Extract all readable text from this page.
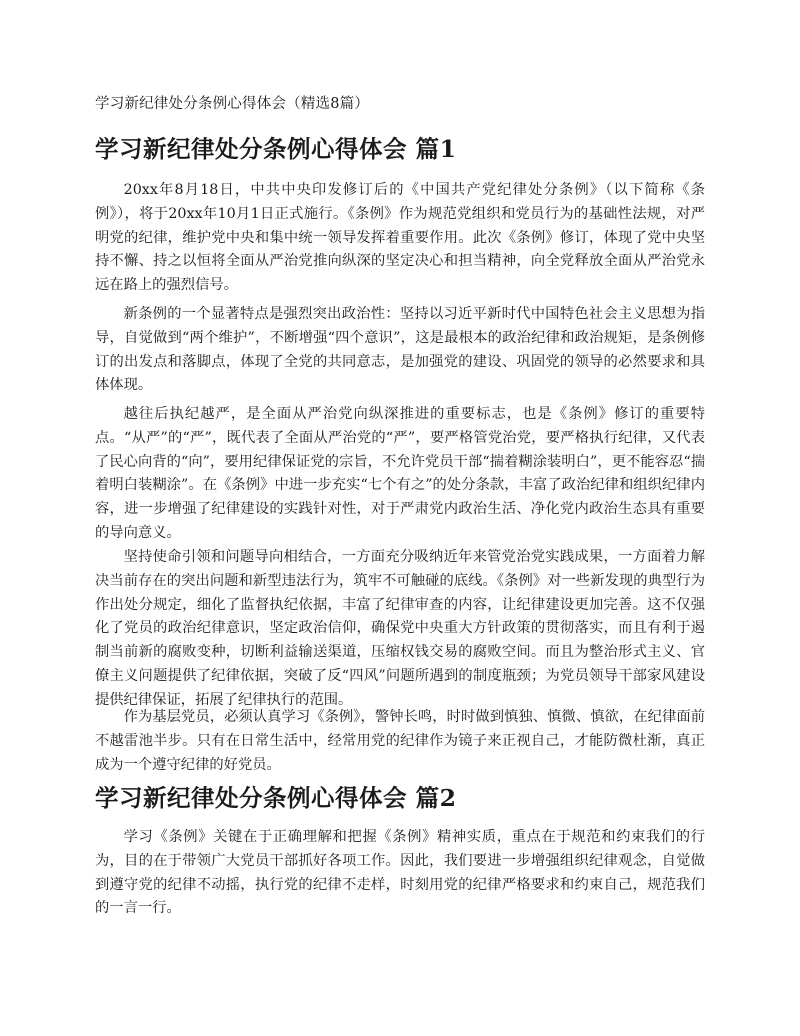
学习新纪律处分条例心得体会（精选8篇）
学习新纪律处分条例心得体会 篇1

20xx年8月18日，中共中央印发修订后的《中国共产党纪律处分条例》（以下简称《条例》），将于20xx年10月1日正式施行。《条例》作为规范党组织和党员行为的基础性法规，对严明党的纪律，维护党中央和集中统一领导发挥着重要作用。此次《条例》修订，体现了党中央坚持不懈、持之以恒将全面从严治党推向纵深的坚定决心和担当精神，向全党释放全面从严治党永远在路上的强烈信号。

新条例的一个显著特点是强烈突出政治性：坚持以习近平新时代中国特色社会主义思想为指导，自觉做到“两个维护”，不断增强“四个意识”，这是最根本的政治纪律和政治规矩，是条例修订的出发点和落脚点，体现了全党的共同意志，是加强党的建设、巩固党的领导的必然要求和具体体现。

越往后执纪越严，是全面从严治党向纵深推进的重要标志，也是《条例》修订的重要特点。“从严”的“严”，既代表了全面从严治党的“严”，要严格管党治党，要严格执行纪律，又代表了民心向背的“向”，要用纪律保证党的宗旨，不允许党员干部“揣着糊涂装明白”，更不能容忍“揣着明白装糊涂”。在《条例》中进一步充实“七个有之”的处分条款，丰富了政治纪律和组织纪律内容，进一步增强了纪律建设的实践针对性，对于严肃党内政治生活、净化党内政治生态具有重要的导向意义。

坚持使命引领和问题导向相结合，一方面充分吸纳近年来管党治党实践成果，一方面着力解决当前存在的突出问题和新型违法行为，筑牢不可触碰的底线。《条例》对一些新发现的典型行为作出处分规定，细化了监督执纪依据，丰富了纪律审查的内容，让纪律建设更加完善。这不仅强化了党员的政治纪律意识，坚定政治信仰，确保党中央重大方针政策的贯彻落实，而且有利于遏制当前新的腐败变种，切断利益输送渠道，压缩权钱交易的腐败空间。而且为整治形式主义、官僚主义问题提供了纪律依据，突破了反“四风”问题所遇到的制度瓶颈；为党员领导干部家风建设提供纪律保证，拓展了纪律执行的范围。

作为基层党员，必须认真学习《条例》，警钟长鸣，时时做到慎独、慎微、慎欲，在纪律面前不越雷池半步。只有在日常生活中，经常用党的纪律作为镜子来正视自己，才能防微杜渐，真正成为一个遵守纪律的好党员。

学习新纪律处分条例心得体会 篇2

学习《条例》关键在于正确理解和把握《条例》精神实质，重点在于规范和约束我们的行为，目的在于带领广大党员干部抓好各项工作。因此，我们要进一步增强组织纪律观念，自觉做到遵守党的纪律不动摇，执行党的纪律不走样，时刻用党的纪律严格要求和约束自己，规范我们的一言一行。
